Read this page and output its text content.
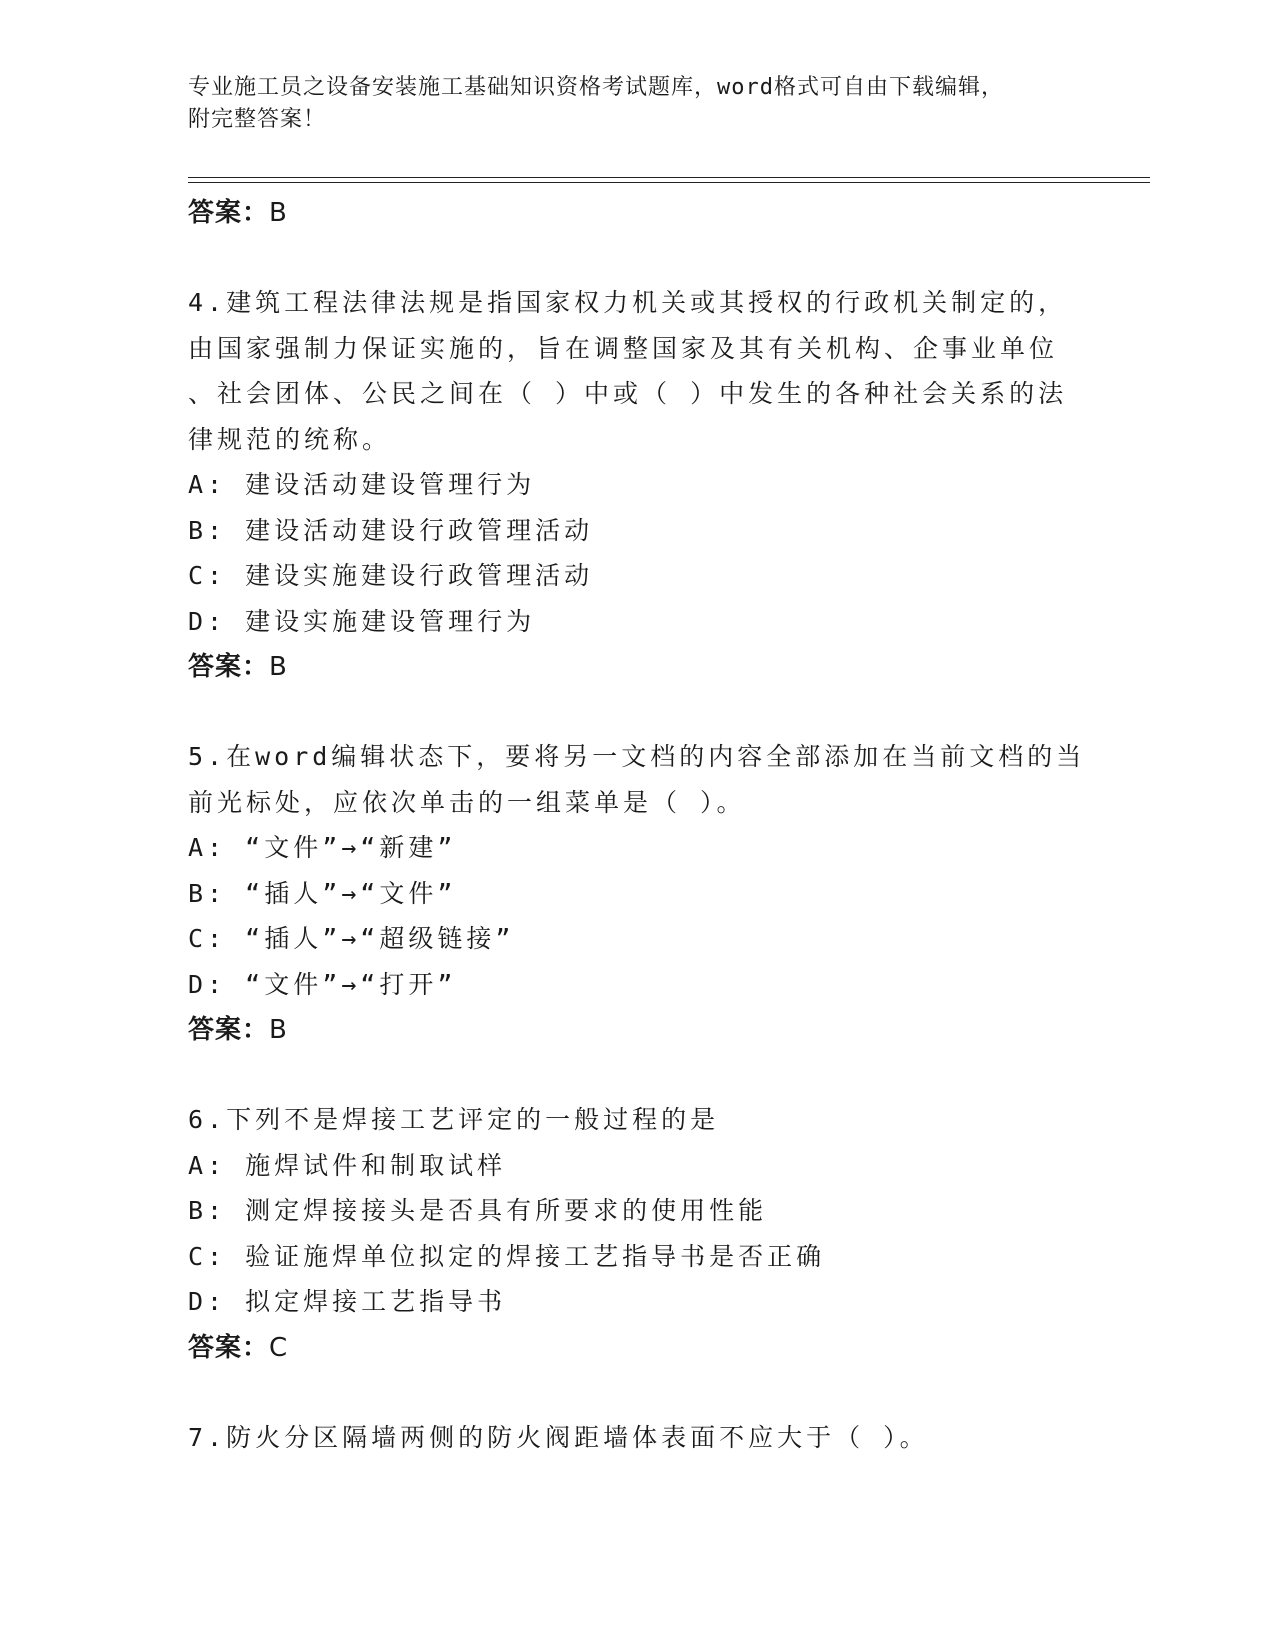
专业施工员之设备安装施工基础知识资格考试题库，word格式可自由下载编辑，
附完整答案！
答案：B
4.建筑工程法律法规是指国家权力机关或其授权的行政机关制定的，
由国家强制力保证实施的，旨在调整国家及其有关机构、企事业单位
、社会团体、公民之间在（ ）中或（ ）中发生的各种社会关系的法
律规范的统称。
A: 建设活动建设管理行为
B: 建设活动建设行政管理活动
C: 建设实施建设行政管理活动
D: 建设实施建设管理行为
答案：B
5.在word编辑状态下，要将另一文档的内容全部添加在当前文档的当
前光标处，应依次单击的一组菜单是（ ）。
A: “文件”→“新建”
B: “插人”→“文件”
C: “插人”→“超级链接”
D: “文件”→“打开”
答案：B
6.下列不是焊接工艺评定的一般过程的是
A: 施焊试件和制取试样
B: 测定焊接接头是否具有所要求的使用性能
C: 验证施焊单位拟定的焊接工艺指导书是否正确
D: 拟定焊接工艺指导书
答案：C
7.防火分区隔墙两侧的防火阀距墙体表面不应大于（ ）。
